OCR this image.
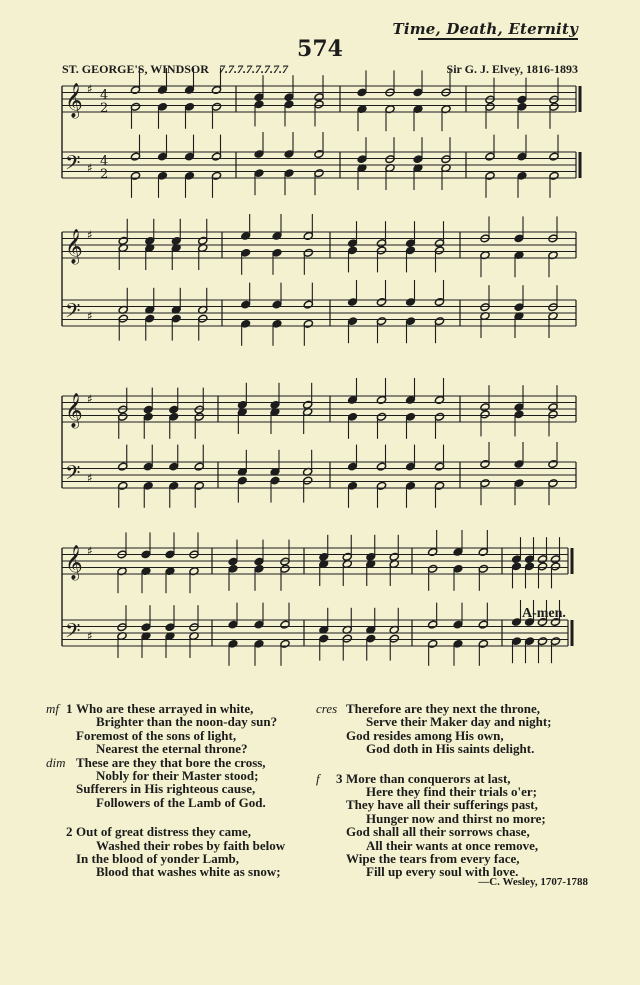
Time, Death, Eternity
574
ST. GEORGE'S, WINDSOR 7.7.7.7.7.7.7.7	Sir G. J. Elvey, 1816-1893
𝄞
𝄢
♯
♯
4
2
4
2
𝄞
𝄢
♯
♯
𝄞
𝄢
♯
♯
𝄞
𝄢
♯
♯
A-men.
mf 1 Who are these arrayed in white,
Brighter than the noon-day sun?
Foremost of the sons of light,
Nearest the eternal throne?
dim These are they that bore the cross,
Nobly for their Master stood;
Sufferers in His righteous cause,
Followers of the Lamb of God.
2 Out of great distress they came,
Washed their robes by faith below
In the blood of yonder Lamb,
Blood that washes white as snow;
cres Therefore are they next the throne,
Serve their Maker day and night;
God resides among His own,
God doth in His saints delight.
f 3 More than conquerors at last,
Here they find their trials o'er;
They have all their sufferings past,
Hunger now and thirst no more;
God shall all their sorrows chase,
All their wants at once remove,
Wipe the tears from every face,
Fill up every soul with love.
—C. Wesley, 1707-1788
